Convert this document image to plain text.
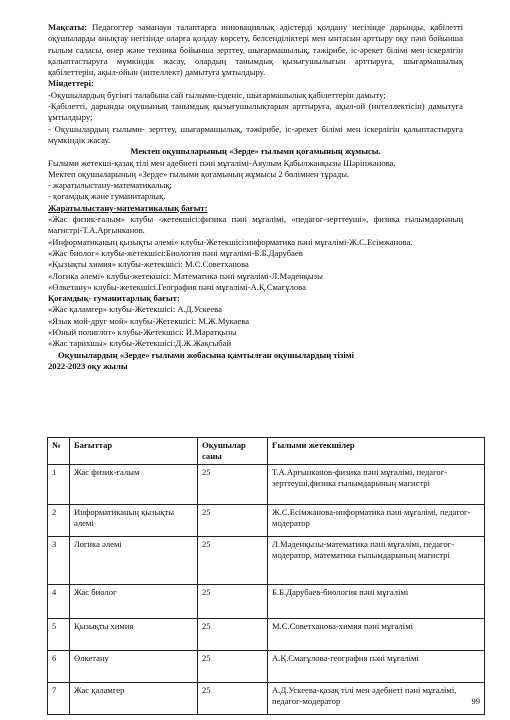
Мақсаты: Педагогтер заманауи талаптарға инновациялық әдістерді қолдану негізінде дарынды, қабілетті оқушыларды анықтау негізінде оларға қолдау көрсету, белсенділіктері мен ынтасын арттыру оқу пәні бойынша ғылым саласы, өнер және техника бойынша зерттеу, шығармашылық, тәжірибе, іс-әрекет білімі мен іскерлігін қалыптастыруға мүмкіндік жасау, олардың танымдық қызығушылығын арттыруға, шығармашылық қабілеттерін, ақыл-ойын (интеллект) дамытуға ұмтылдыру.

Міндеттері:

-Оқушылардың бүгінгі талабына сай ғылыми-ізденіс, шығармашылық қабілеттерін дамыту;

-Қабілетті, дарынды оқушының танымдық қызығушылықтарын арттыруға, ақыл-ой (интеллектісін) дамытуға ұмтылдыру;

- Оқушылардың ғылыми- зерттеу, шығармашылық, тәжірибе, іс-әрекет білімі мен іскерлігін қалыптастыруға мүмкіндік жасау.

Мектеп оқушыларының «Зерде» ғылыми қоғамының жұмысы.

Ғылыми жетекші-қазақ тілі мен әдебиеті пәні мұғалімі-Аяулым Қабылжанқызы Шәріпжанова.

Мектеп оқушыларының «Зерде» ғылыми қоғамының жұмысы 2 бөлімнен тұрады.

- жаратылыстану-математикалық;

- қоғамдық және гуманитарлық.

Жаратылыстану-математикалық бағыт:

«Жас физик-ғалым» клубы -жетекшісі:физика пәні мұғалімі, «педагог-зерттеуші», физика ғылымдарының магистрі-Т.А.Арғынканов.

«Информатиканың қызықты әлемі» клубы-Жетекшісі:информатика пәні мұғалімі-Ж.С.Есімжанова.

«Жас биолог» клубы-жетекшісі:Биология пәні мұғалімі-Б.Б.Дарубаев

«Қызықты химия» клубы-жетекшісі: М.С.Советханова

«Логика әлемі» клубы-жетекшісі: Математика пәні мұғалімі-Л.Мәденқызы

«Өлкетану» клубы-жетекшісі.География пәні мұғалімі-А.Қ.Смағұлова

Қоғамдық- гуманитарлық бағыт:

«Жас қаламгер» клубы-Жетекшісі: А.Д.Ускеева

«Язык мой-друг мой» клубы-Жетекшісі: М.Ж.Мукаева

«Юный полиглот» клубы-Жетекшісі: И.Маратқызы

«Жас тарихшы» клубы-Жетекшісі:Д.Ж.Жақсыбай

Оқушылардың «Зерде» ғылыми жобасына қамтылған оқушылардың тізімі

2022-2023 оқу жылы

№	Бағыттар	Оқушылар саны	Ғылыми жетекшілер
1	Жас физик-ғалым	25	Т.А.Арғынканов-физика пәні мұғалімі, педагог-зерттеуші,физика ғылымдарының магистрі
2	Информатиканың қызықты әлемі	25	Ж.С.Есімжанова-информатика пәні мұғалімі, педагог-модератор
3	Логика әлемі	25	Л.Мәденқызы-математика пәні мұғалімі, педагог-модератор, математика ғылымдарының магистрі
4	Жас биолог	25	Б.Б.Дарубаев-биология пәні мұғалімі
5	Қызықты химия	25	М.С.Советханова-химия пәні мұғалімі
6	Өлкетану	25	А.Қ.Смағұлова-география пәні мұғалімі
7	Жас қаламгер	25	А.Д.Ускеева-қазақ тілі мен әдебиеті пәні мұғалімі, педагог-модератор	99
